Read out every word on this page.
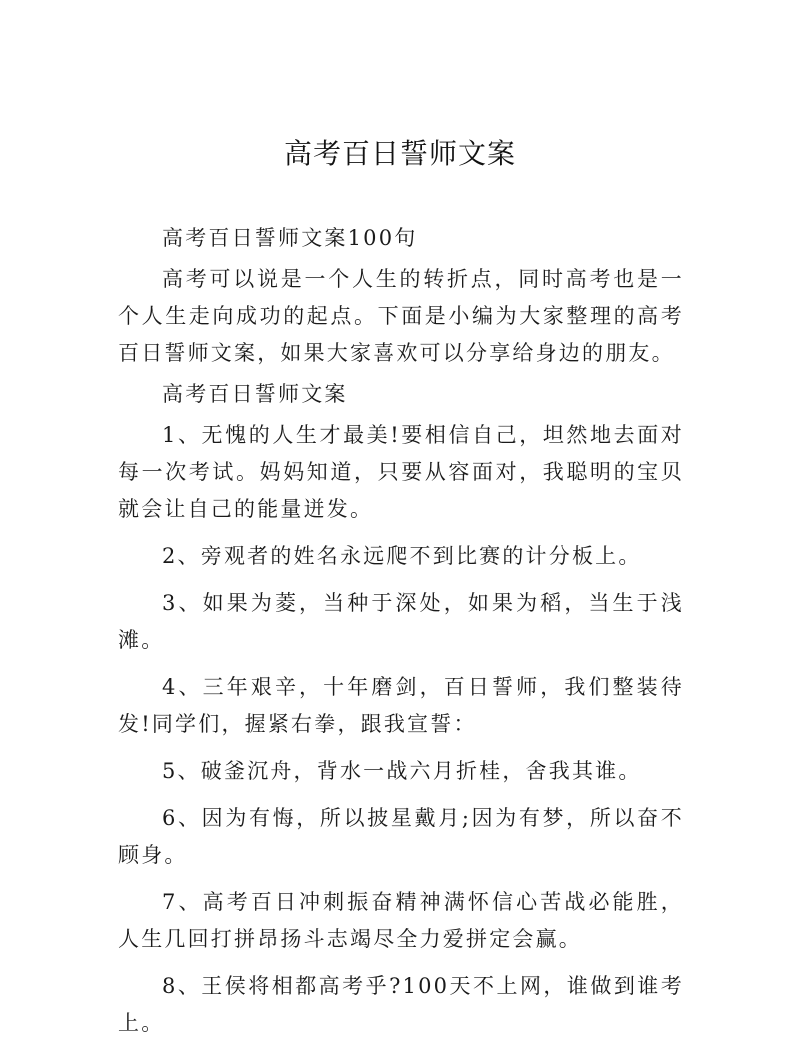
高考百日誓师文案

高考百日誓师文案100句

高考可以说是一个人生的转折点，同时高考也是一个人生走向成功的起点。下面是小编为大家整理的高考百日誓师文案，如果大家喜欢可以分享给身边的朋友。

高考百日誓师文案

1、无愧的人生才最美!要相信自己，坦然地去面对每一次考试。妈妈知道，只要从容面对，我聪明的宝贝就会让自己的能量迸发。

2、旁观者的姓名永远爬不到比赛的计分板上。

3、如果为菱，当种于深处，如果为稻，当生于浅滩。

4、三年艰辛，十年磨剑，百日誓师，我们整装待发!同学们，握紧右拳，跟我宣誓：

5、破釜沉舟，背水一战六月折桂，舍我其谁。

6、因为有悔，所以披星戴月;因为有梦，所以奋不顾身。

7、高考百日冲刺振奋精神满怀信心苦战必能胜，人生几回打拼昂扬斗志竭尽全力爱拼定会赢。

8、王侯将相都高考乎?100天不上网，谁做到谁考上。
